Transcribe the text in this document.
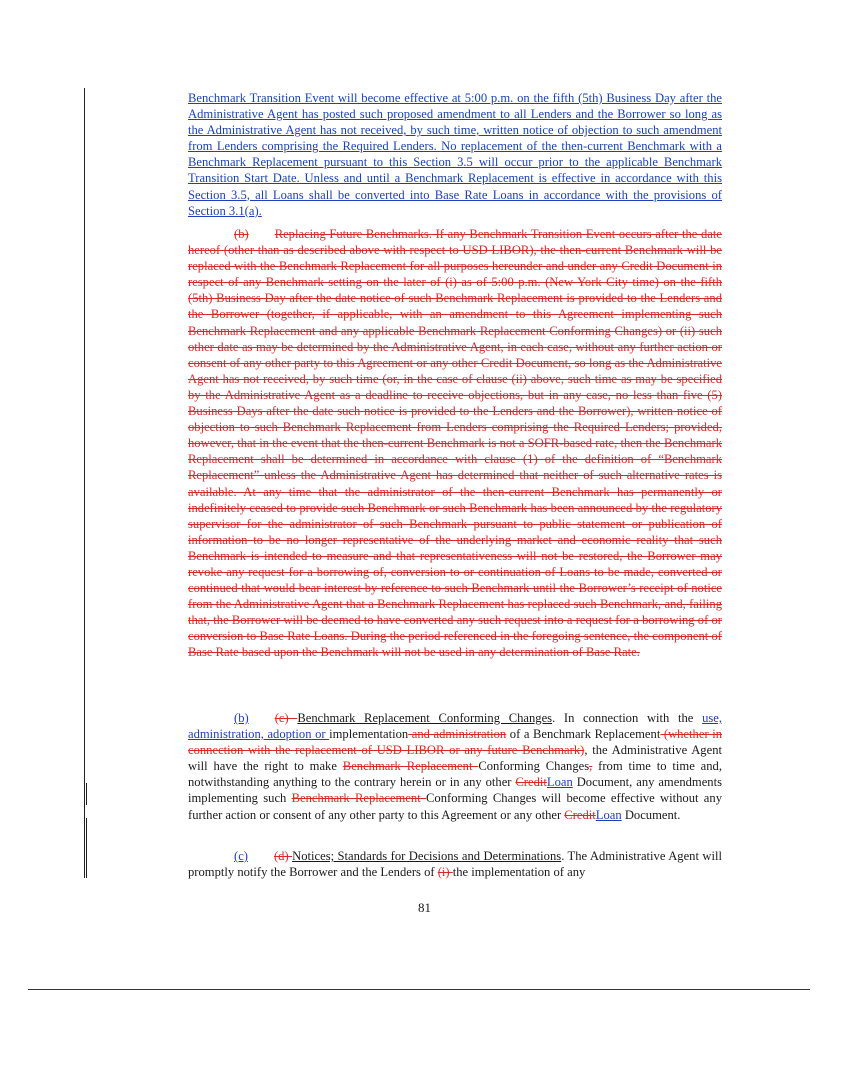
Benchmark Transition Event will become effective at 5:00 p.m. on the fifth (5th) Business Day after the Administrative Agent has posted such proposed amendment to all Lenders and the Borrower so long as the Administrative Agent has not received, by such time, written notice of objection to such amendment from Lenders comprising the Required Lenders. No replacement of the then-current Benchmark with a Benchmark Replacement pursuant to this Section 3.5 will occur prior to the applicable Benchmark Transition Start Date. Unless and until a Benchmark Replacement is effective in accordance with this Section 3.5, all Loans shall be converted into Base Rate Loans in accordance with the provisions of Section 3.1(a).

(b) Replacing Future Benchmarks. If any Benchmark Transition Event occurs after the date hereof (other than as described above with respect to USD LIBOR), the then-current Benchmark will be replaced with the Benchmark Replacement for all purposes hereunder and under any Credit Document in respect of any Benchmark setting on the later of (i) as of 5:00 p.m. (New York City time) on the fifth (5th) Business Day after the date notice of such Benchmark Replacement is provided to the Lenders and the Borrower (together, if applicable, with an amendment to this Agreement implementing such Benchmark Replacement and any applicable Benchmark Replacement Conforming Changes) or (ii) such other date as may be determined by the Administrative Agent, in each case, without any further action or consent of any other party to this Agreement or any other Credit Document, so long as the Administrative Agent has not received, by such time (or, in the case of clause (ii) above, such time as may be specified by the Administrative Agent as a deadline to receive objections, but in any case, no less than five (5) Business Days after the date such notice is provided to the Lenders and the Borrower), written notice of objection to such Benchmark Replacement from Lenders comprising the Required Lenders; provided, however, that in the event that the then-current Benchmark is not a SOFR-based rate, then the Benchmark Replacement shall be determined in accordance with clause (1) of the definition of “Benchmark Replacement” unless the Administrative Agent has determined that neither of such alternative rates is available. At any time that the administrator of the then-current Benchmark has permanently or indefinitely ceased to provide such Benchmark or such Benchmark has been announced by the regulatory supervisor for the administrator of such Benchmark pursuant to public statement or publication of information to be no longer representative of the underlying market and economic reality that such Benchmark is intended to measure and that representativeness will not be restored, the Borrower may revoke any request for a borrowing of, conversion to or continuation of Loans to be made, converted or continued that would bear interest by reference to such Benchmark until the Borrower’s receipt of notice from the Administrative Agent that a Benchmark Replacement has replaced such Benchmark, and, failing that, the Borrower will be deemed to have converted any such request into a request for a borrowing of or conversion to Base Rate Loans. During the period referenced in the foregoing sentence, the component of Base Rate based upon the Benchmark will not be used in any determination of Base Rate.

(b) (c) Benchmark Replacement Conforming Changes. In connection with the use, administration, adoption or implementation and administration of a Benchmark Replacement (whether in connection with the replacement of USD LIBOR or any future Benchmark), the Administrative Agent will have the right to make Benchmark Replacement Conforming Changes, from time to time and, notwithstanding anything to the contrary herein or in any other CreditLoan Document, any amendments implementing such Benchmark Replacement Conforming Changes will become effective without any further action or consent of any other party to this Agreement or any other CreditLoan Document.

(c) (d) Notices; Standards for Decisions and Determinations. The Administrative Agent will promptly notify the Borrower and the Lenders of (i) the implementation of any

81
